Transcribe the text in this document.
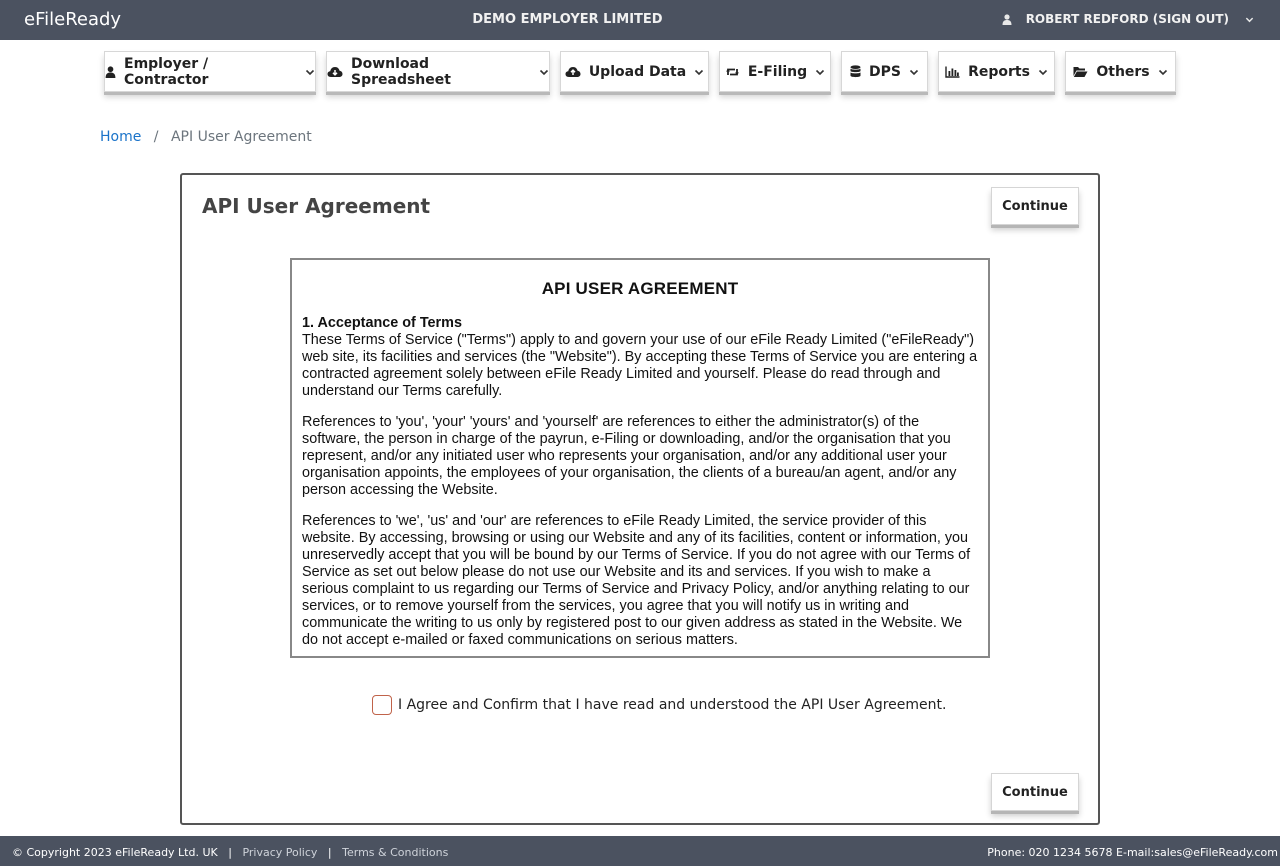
eFileReady	DEMO EMPLOYER LIMITED	ROBERT REDFORD (SIGN OUT)
Employer / Contractor
Download Spreadsheet	Upload Data	E-Filing	DPS	Reports	Others
Home / API User Agreement
API User Agreement	Continue
API USER AGREEMENT
1. Acceptance of Terms

These Terms of Service ("Terms") apply to and govern your use of our eFile Ready Limited ("eFileReady") web site, its facilities and services (the "Website"). By accepting these Terms of Service you are entering a contracted agreement solely between eFile Ready Limited and yourself. Please do read through and understand our Terms carefully.

References to 'you', 'your' 'yours' and 'yourself' are references to either the administrator(s) of the software, the person in charge of the payrun, e-Filing or downloading, and/or the organisation that you represent, and/or any initiated user who represents your organisation, and/or any additional user your organisation appoints, the employees of your organisation, the clients of a bureau/an agent, and/or any person accessing the Website.

References to 'we', 'us' and 'our' are references to eFile Ready Limited, the service provider of this website. By accessing, browsing or using our Website and any of its facilities, content or information, you unreservedly accept that you will be bound by our Terms of Service. If you do not agree with our Terms of Service as set out below please do not use our Website and its and services. If you wish to make a serious complaint to us regarding our Terms of Service and Privacy Policy, and/or anything relating to our services, or to remove yourself from the services, you agree that you will notify us in writing and communicate the writing to us only by registered post to our given address as stated in the Website. We do not accept e-mailed or faxed communications on serious matters.

I Agree and Confirm that I have read and understood the API User Agreement.
Continue
© Copyright 2023 eFileReady Ltd. UK | Privacy Policy | Terms & Conditions	Phone: 020 1234 5678 E-mail:sales@eFileReady.com
